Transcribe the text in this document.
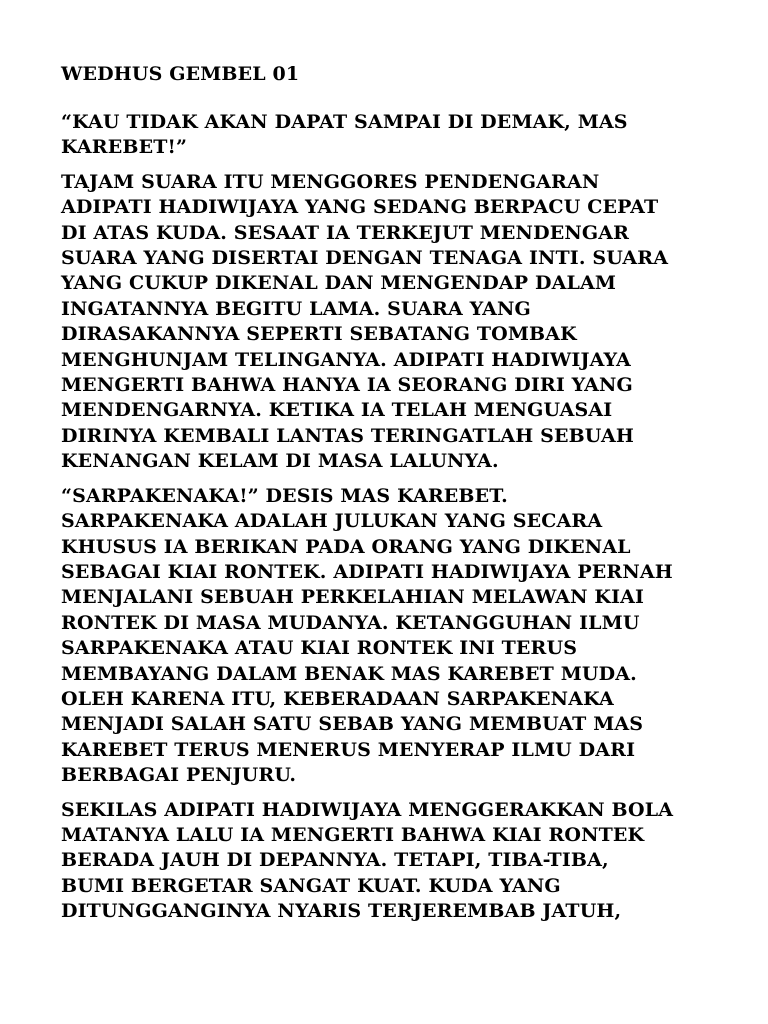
WEDHUS GEMBEL 01
“KAU TIDAK AKAN DAPAT SAMPAI DI DEMAK, MAS
KAREBET!”
TAJAM SUARA ITU MENGGORES PENDENGARAN
ADIPATI HADIWIJAYA YANG SEDANG BERPACU CEPAT
DI ATAS KUDA. SESAAT IA TERKEJUT MENDENGAR
SUARA YANG DISERTAI DENGAN TENAGA INTI. SUARA
YANG CUKUP DIKENAL DAN MENGENDAP DALAM
INGATANNYA BEGITU LAMA. SUARA YANG
DIRASAKANNYA SEPERTI SEBATANG TOMBAK
MENGHUNJAM TELINGANYA. ADIPATI HADIWIJAYA
MENGERTI BAHWA HANYA IA SEORANG DIRI YANG
MENDENGARNYA. KETIKA IA TELAH MENGUASAI
DIRINYA KEMBALI LANTAS TERINGATLAH SEBUAH
KENANGAN KELAM DI MASA LALUNYA.
“SARPAKENAKA!” DESIS MAS KAREBET.
SARPAKENAKA ADALAH JULUKAN YANG SECARA
KHUSUS IA BERIKAN PADA ORANG YANG DIKENAL
SEBAGAI KIAI RONTEK. ADIPATI HADIWIJAYA PERNAH
MENJALANI SEBUAH PERKELAHIAN MELAWAN KIAI
RONTEK DI MASA MUDANYA. KETANGGUHAN ILMU
SARPAKENAKA ATAU KIAI RONTEK INI TERUS
MEMBAYANG DALAM BENAK MAS KAREBET MUDA.
OLEH KARENA ITU, KEBERADAAN SARPAKENAKA
MENJADI SALAH SATU SEBAB YANG MEMBUAT MAS
KAREBET TERUS MENERUS MENYERAP ILMU DARI
BERBAGAI PENJURU.
SEKILAS ADIPATI HADIWIJAYA MENGGERAKKAN BOLA
MATANYA LALU IA MENGERTI BAHWA KIAI RONTEK
BERADA JAUH DI DEPANNYA. TETAPI, TIBA-TIBA,
BUMI BERGETAR SANGAT KUAT. KUDA YANG
DITUNGGANGINYA NYARIS TERJEREMBAB JATUH,
